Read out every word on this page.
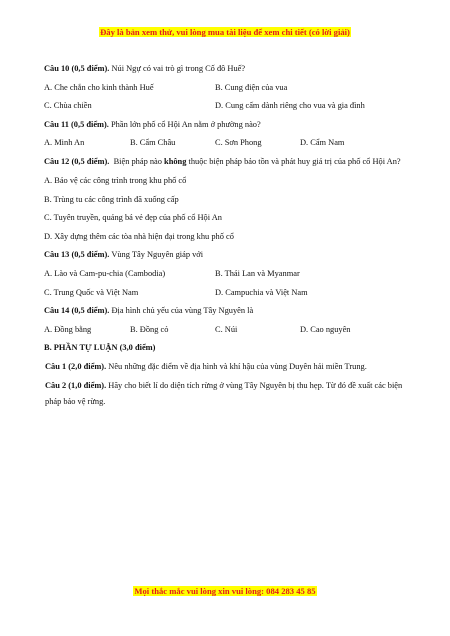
Đây là bản xem thử, vui lòng mua tài liệu để xem chi tiết (có lời giải)
Câu 10 (0,5 điểm). Núi Ngự có vai trò gì trong Cố đô Huế?
A. Che chắn cho kinh thành Huế	B. Cung điện của vua
C. Chùa chiền	D. Cung cấm dành riêng cho vua và gia đình
Câu 11 (0,5 điểm). Phần lớn phố cổ Hội An nằm ở phường nào?
A. Minh An	B. Cẩm Châu	C. Sơn Phong	D. Cẩm Nam
Câu 12 (0,5 điểm).  Biện pháp nào không thuộc biện pháp bảo tồn và phát huy giá trị của phố cổ Hội An?
A. Bảo vệ các công trình trong khu phố cổ
B. Trùng tu các công trình đã xuống cấp
C. Tuyên truyền, quảng bá vẻ đẹp của phố cổ Hội An
D. Xây dựng thêm các tòa nhà hiện đại trong khu phố cổ
Câu 13 (0,5 điểm). Vùng Tây Nguyên giáp với
A. Lào và Cam-pu-chia (Cambodia)	B. Thái Lan và Myanmar
C. Trung Quốc và Việt Nam	D. Campuchia và Việt Nam
Câu 14 (0,5 điểm). Địa hình chủ yếu của vùng Tây Nguyên là
A. Đồng bằng	B. Đồng cỏ	C. Núi	D. Cao nguyên
B. PHẦN TỰ LUẬN (3,0 điểm)
Câu 1 (2,0 điểm). Nêu những đặc điểm về địa hình và khí hậu của vùng Duyên hải miền Trung.
Câu 2 (1,0 điểm). Hãy cho biết lí do diện tích rừng ở vùng Tây Nguyên bị thu hẹp. Từ đó đề xuất các biện pháp bảo vệ rừng.
Mọi thắc mắc vui lòng xin vui lòng: 084 283 45 85
